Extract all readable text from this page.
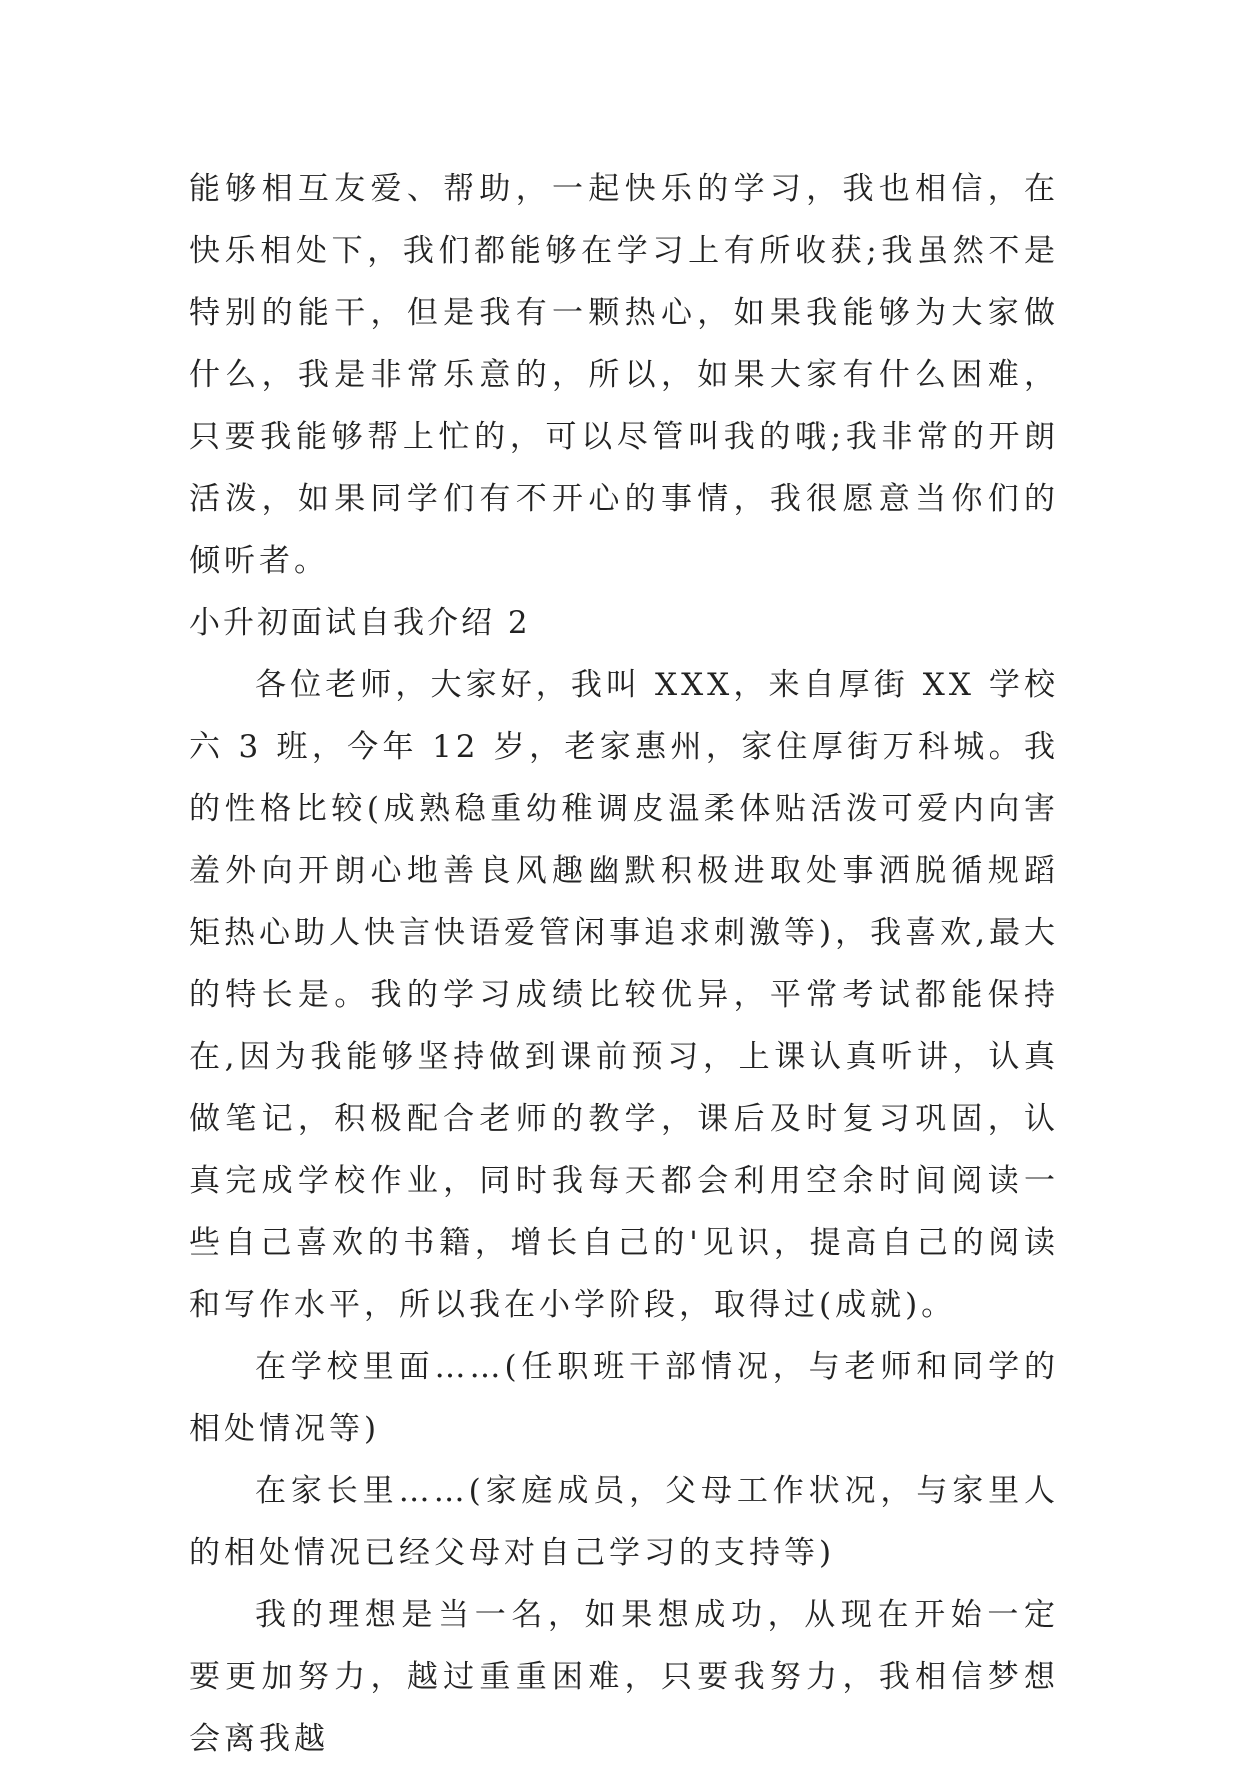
能够相互友爱、帮助，一起快乐的学习，我也相信，在快乐相处下，我们都能够在学习上有所收获;我虽然不是特别的能干，但是我有一颗热心，如果我能够为大家做什么，我是非常乐意的，所以，如果大家有什么困难，只要我能够帮上忙的，可以尽管叫我的哦;我非常的开朗活泼，如果同学们有不开心的事情，我很愿意当你们的倾听者。

小升初面试自我介绍 2

各位老师，大家好，我叫 XXX，来自厚街 XX 学校六 3 班，今年 12 岁，老家惠州，家住厚街万科城。我的性格比较(成熟稳重幼稚调皮温柔体贴活泼可爱内向害羞外向开朗心地善良风趣幽默积极进取处事洒脱循规蹈矩热心助人快言快语爱管闲事追求刺激等)，我喜欢,最大的特长是。我的学习成绩比较优异，平常考试都能保持在,因为我能够坚持做到课前预习，上课认真听讲，认真做笔记，积极配合老师的教学，课后及时复习巩固，认真完成学校作业，同时我每天都会利用空余时间阅读一些自己喜欢的书籍，增长自己的'见识，提高自己的阅读和写作水平，所以我在小学阶段，取得过(成就)。

在学校里面……(任职班干部情况，与老师和同学的相处情况等)

在家长里……(家庭成员，父母工作状况，与家里人的相处情况已经父母对自己学习的支持等)

我的理想是当一名，如果想成功，从现在开始一定要更加努力，越过重重困难，只要我努力，我相信梦想会离我越
